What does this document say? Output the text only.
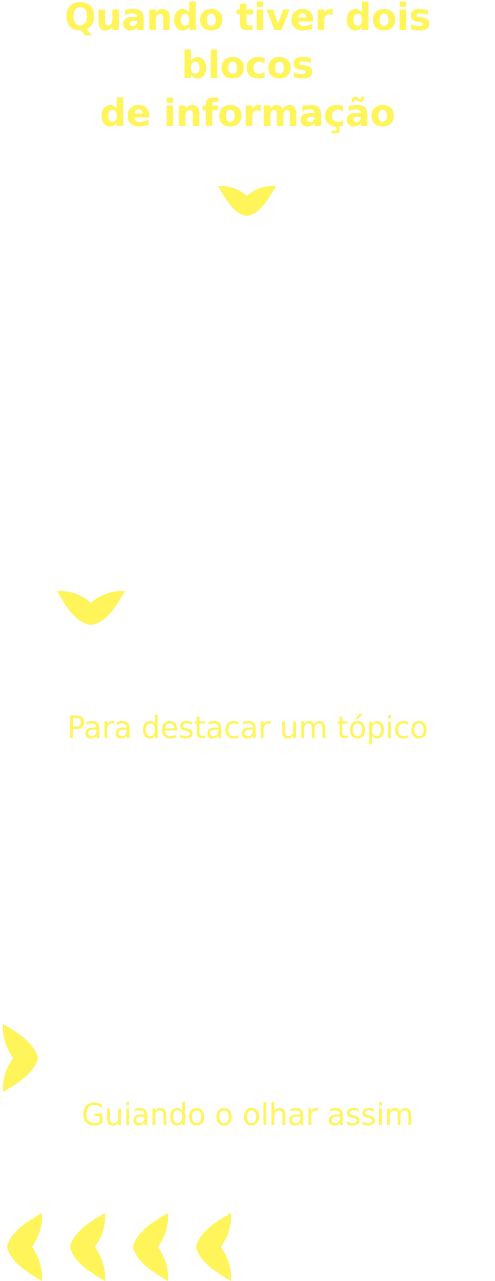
Quando tiver dois blocos
de informação

Para destacar um tópico

Guiando o olhar assim
